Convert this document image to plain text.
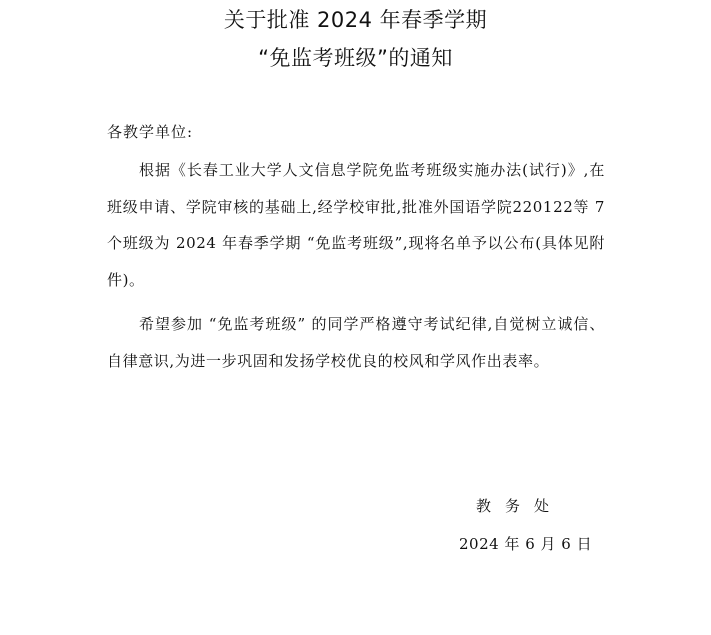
关于批准 2024 年春季学期
“免监考班级”的通知

各教学单位:

根据《长春工业大学人文信息学院免监考班级实施办法(试行)》,在班级申请、学院审核的基础上,经学校审批,批准外国语学院220122等 7 个班级为 2024 年春季学期 “免监考班级”,现将名单予以公布(具体见附件)。

希望参加 “免监考班级” 的同学严格遵守考试纪律,自觉树立诚信、自律意识,为进一步巩固和发扬学校优良的校风和学风作出表率。

教务处

2024 年 6 月 6 日
